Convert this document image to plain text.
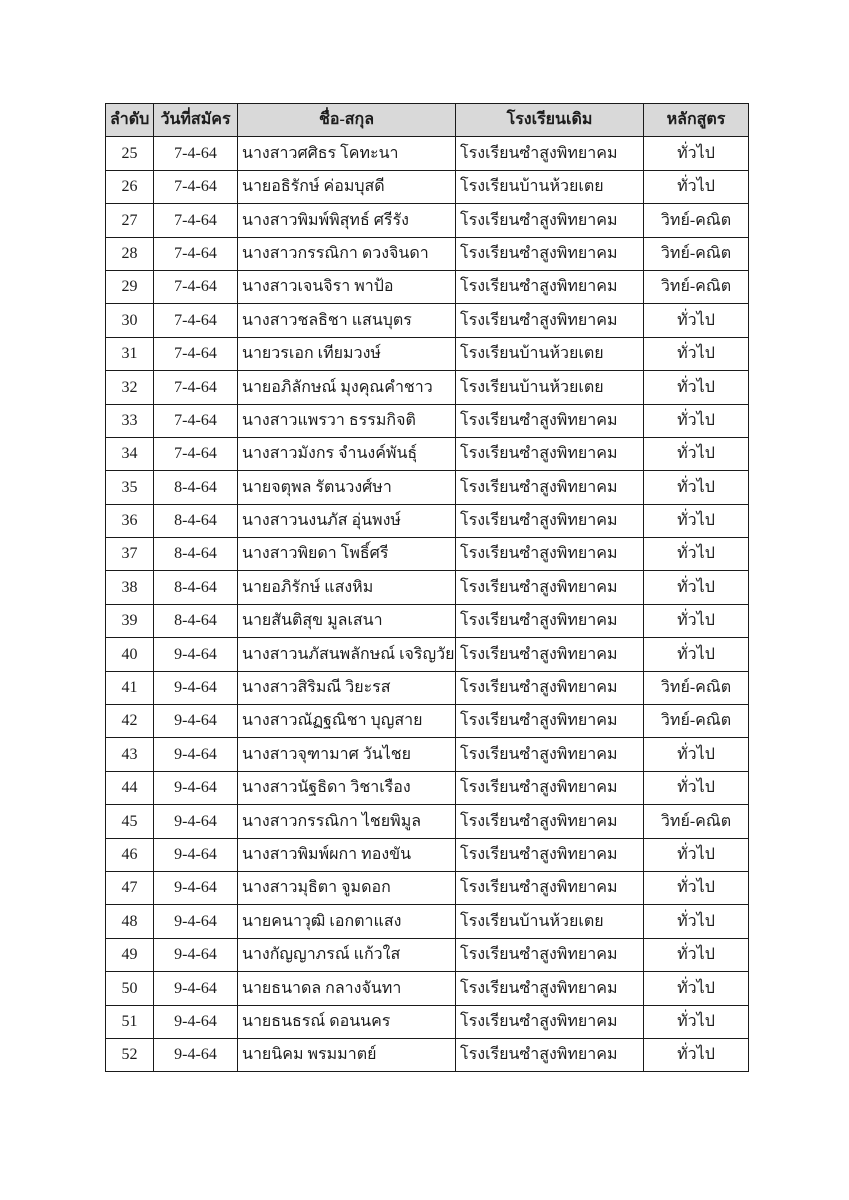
ลำดับ	วันที่สมัคร	ชื่อ-สกุล	โรงเรียนเดิม	หลักสูตร
25	7-4-64	นางสาวศศิธร โคทะนา	โรงเรียนซำสูงพิทยาคม	ทั่วไป
26	7-4-64	นายอธิรักษ์ ค่อมบุสดี	โรงเรียนบ้านห้วยเตย	ทั่วไป
27	7-4-64	นางสาวพิมพ์พิสุทธ์ ศรีรัง	โรงเรียนซำสูงพิทยาคม	วิทย์-คณิต
28	7-4-64	นางสาวกรรณิกา ดวงจินดา	โรงเรียนซำสูงพิทยาคม	วิทย์-คณิต
29	7-4-64	นางสาวเจนจิรา พาป้อ	โรงเรียนซำสูงพิทยาคม	วิทย์-คณิต
30	7-4-64	นางสาวชลธิชา แสนบุตร	โรงเรียนซำสูงพิทยาคม	ทั่วไป
31	7-4-64	นายวรเอก เทียมวงษ์	โรงเรียนบ้านห้วยเตย	ทั่วไป
32	7-4-64	นายอภิลักษณ์ มุงคุณคำชาว	โรงเรียนบ้านห้วยเตย	ทั่วไป
33	7-4-64	นางสาวแพรวา ธรรมกิจติ	โรงเรียนซำสูงพิทยาคม	ทั่วไป
34	7-4-64	นางสาวมังกร จำนงค์พันธุ์	โรงเรียนซำสูงพิทยาคม	ทั่วไป
35	8-4-64	นายจตุพล รัตนวงศ์ษา	โรงเรียนซำสูงพิทยาคม	ทั่วไป
36	8-4-64	นางสาวนงนภัส อุ่นพงษ์	โรงเรียนซำสูงพิทยาคม	ทั่วไป
37	8-4-64	นางสาวพิยดา โพธิ์ศรี	โรงเรียนซำสูงพิทยาคม	ทั่วไป
38	8-4-64	นายอภิรักษ์ แสงหิม	โรงเรียนซำสูงพิทยาคม	ทั่วไป
39	8-4-64	นายสันติสุข มูลเสนา	โรงเรียนซำสูงพิทยาคม	ทั่วไป
40	9-4-64	นางสาวนภัสนพลักษณ์ เจริญวัย	โรงเรียนซำสูงพิทยาคม	ทั่วไป
41	9-4-64	นางสาวสิริมณี วิยะรส	โรงเรียนซำสูงพิทยาคม	วิทย์-คณิต
42	9-4-64	นางสาวณัฏฐณิชา บุญสาย	โรงเรียนซำสูงพิทยาคม	วิทย์-คณิต
43	9-4-64	นางสาวจุฑามาศ วันไชย	โรงเรียนซำสูงพิทยาคม	ทั่วไป
44	9-4-64	นางสาวนัฐธิดา วิชาเรือง	โรงเรียนซำสูงพิทยาคม	ทั่วไป
45	9-4-64	นางสาวกรรณิกา ไชยพิมูล	โรงเรียนซำสูงพิทยาคม	วิทย์-คณิต
46	9-4-64	นางสาวพิมพ์ผกา ทองขัน	โรงเรียนซำสูงพิทยาคม	ทั่วไป
47	9-4-64	นางสาวมุธิตา จูมดอก	โรงเรียนซำสูงพิทยาคม	ทั่วไป
48	9-4-64	นายคนาวุฒิ เอกตาแสง	โรงเรียนบ้านห้วยเตย	ทั่วไป
49	9-4-64	นางกัญญาภรณ์ แก้วใส	โรงเรียนซำสูงพิทยาคม	ทั่วไป
50	9-4-64	นายธนาดล กลางจันทา	โรงเรียนซำสูงพิทยาคม	ทั่วไป
51	9-4-64	นายธนธรณ์ ดอนนคร	โรงเรียนซำสูงพิทยาคม	ทั่วไป
52	9-4-64	นายนิคม พรมมาตย์	โรงเรียนซำสูงพิทยาคม	ทั่วไป
